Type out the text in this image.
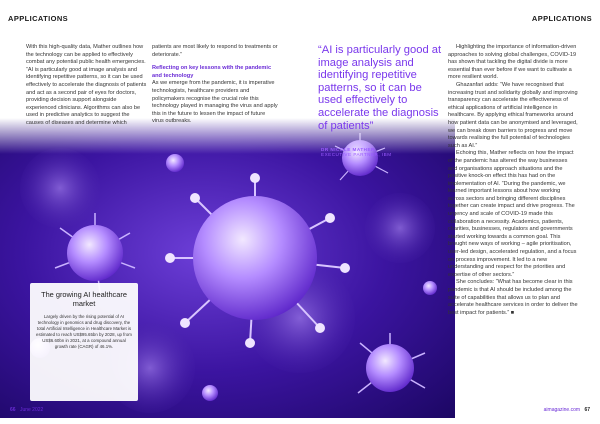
APPLICATIONS	APPLICATIONS

With this high-quality data, Mather outlines how the technology can be applied to effectively combat any potential public health emergencies. “AI is particularly good at image analysis and identifying repetitive patterns, so it can be used effectively to accelerate the diagnosis of patients and act as a second pair of eyes for doctors, providing decision support alongside experienced clinicians. Algorithms can also be used in predictive analytics to suggest the causes of diseases and determine which

patients are most likely to respond to treatments or deteriorate.”

Reflecting on key lessons with the pandemic and technology

As we emerge from the pandemic, it is imperative technologists, healthcare providers and policymakers recognise the crucial role this technology played in managing the virus and apply this in the future to lessen the impact of future virus outbreaks.

“AI is particularly good at image analysis and identifying repetitive patterns, so it can be used effectively to accelerate the diagnosis of patients”
DR NICOLE MATHER
EXECUTIVE PARTNER, IBM

Highlighting the importance of information-driven approaches to solving global challenges, COVID-19 has shown that tackling the digital divide is more essential than ever before if we want to cultivate a more resilient world.

Ghazanfari adds: “We have recognised that increasing trust and solidarity globally and improving transparency can accelerate the effectiveness of ethical applications of artificial intelligence in healthcare. By applying ethical frameworks around how patient data can be anonymised and leveraged, we can break down barriers to progress and move towards realising the full potential of technologies such as AI.”

Echoing this, Mather reflects on how the impact of the pandemic has altered the way businesses and organisations approach situations and the positive knock-on effect this has had on the implementation of AI. “During the pandemic, we learned important lessons about how working across sectors and bringing different disciplines together can create impact and drive progress. The urgency and scale of COVID-19 made this collaboration a necessity. Academics, patients, charities, businesses, regulators and governments started working towards a common goal. This brought new ways of working – agile prioritisation, user-led design, accelerated regulation, and a focus on process improvement. It led to a new understanding and respect for the priorities and expertise of other sectors.”

She concludes: “What has become clear in this pandemic is that AI should be included among the suite of capabilities that allows us to plan and accelerate healthcare services in order to deliver the best impact for patients.” ■

The growing AI healthcare market
Largely driven by the rising potential of AI technology in genomics and drug discovery, the total Artificial Intelligence in Healthcare Market is estimated to reach US$95.65bn by 2028, up from US$6.60bn in 2021, at a compound annual growth rate (CAGR) of 46.1%.
66 June 2022	aimagazine.com 67
